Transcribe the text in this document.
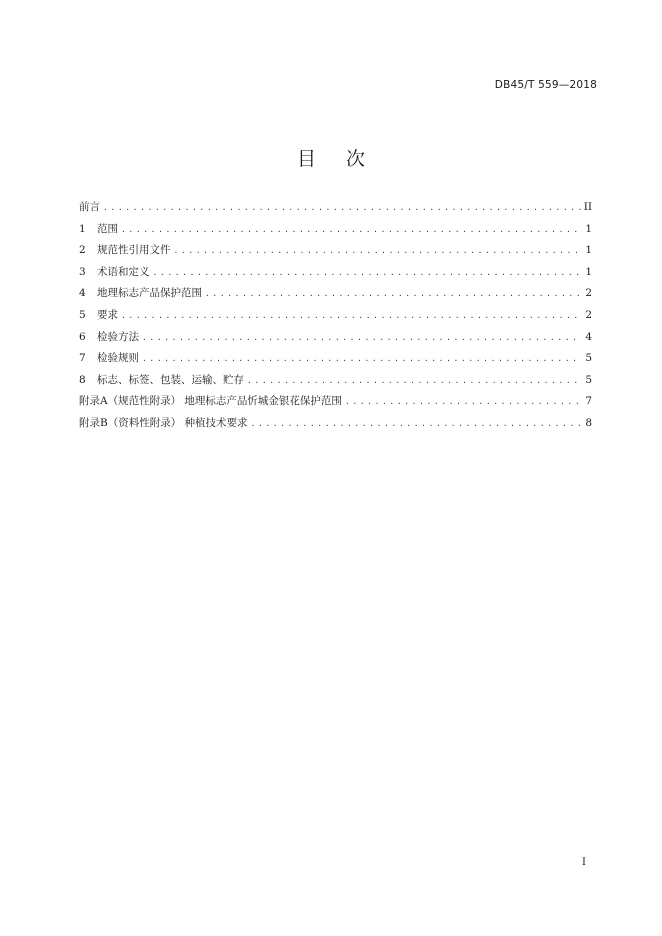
DB45/T 559—2018
目 次
前言 .....	II
1 范围 .....	1
2 规范性引用文件 .....	1
3 术语和定义 .....	1
4 地理标志产品保护范围 .....	2
5 要求 .....	2
6 检验方法 .....	4
7 检验规则 .....	5
8 标志、标签、包装、运输、贮存 .....	5
附录A（规范性附录） 地理标志产品忻城金银花保护范围 .....	7
附录B（资料性附录） 种植技术要求 .....	8
I
